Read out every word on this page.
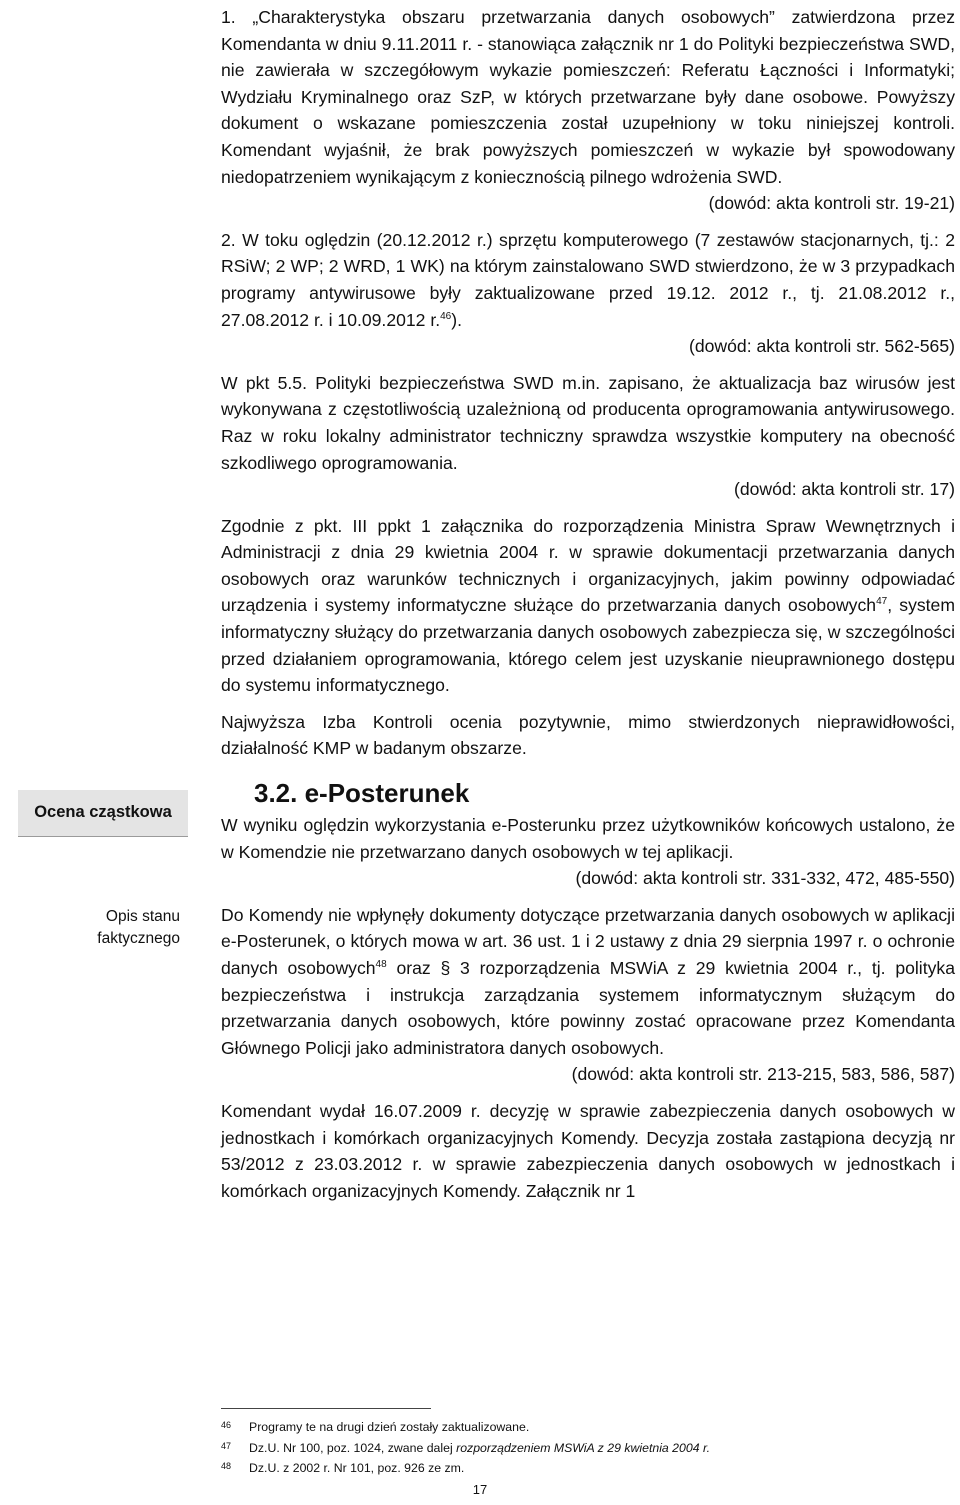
1. „Charakterystyka obszaru przetwarzania danych osobowych” zatwierdzona przez Komendanta w dniu 9.11.2011 r. - stanowiąca załącznik nr 1 do Polityki bezpieczeństwa SWD, nie zawierała w szczegółowym wykazie pomieszczeń: Referatu Łączności i Informatyki; Wydziału Kryminalnego oraz SzP, w których przetwarzane były dane osobowe. Powyższy dokument o wskazane pomieszczenia został uzupełniony w toku niniejszej kontroli. Komendant wyjaśnił, że brak powyższych pomieszczeń w wykazie był spowodowany niedopatrzeniem wynikającym z koniecznością pilnego wdrożenia SWD.

(dowód: akta kontroli str. 19-21)

2. W toku oględzin (20.12.2012 r.) sprzętu komputerowego (7 zestawów stacjonarnych, tj.: 2 RSiW; 2 WP; 2 WRD, 1 WK) na którym zainstalowano SWD stwierdzono, że w 3 przypadkach programy antywirusowe były zaktualizowane przed 19.12. 2012 r., tj. 21.08.2012 r., 27.08.2012 r. i 10.09.2012 r.$^{46}$).

(dowód: akta kontroli str. 562-565)

W pkt 5.5. Polityki bezpieczeństwa SWD m.in. zapisano, że aktualizacja baz wirusów jest wykonywana z częstotliwością uzależnioną od producenta oprogramowania antywirusowego. Raz w roku lokalny administrator techniczny sprawdza wszystkie komputery na obecność szkodliwego oprogramowania.

(dowód: akta kontroli str. 17)

Zgodnie z pkt. III ppkt 1 załącznika do rozporządzenia Ministra Spraw Wewnętrznych i Administracji z dnia 29 kwietnia 2004 r. w sprawie dokumentacji przetwarzania danych osobowych oraz warunków technicznych i organizacyjnych, jakim powinny odpowiadać urządzenia i systemy informatyczne służące do przetwarzania danych osobowych$^{47}$, system informatyczny służący do przetwarzania danych osobowych zabezpiecza się, w szczególności przed działaniem oprogramowania, którego celem jest uzyskanie nieuprawnionego dostępu do systemu informatycznego.

Najwyższa Izba Kontroli ocenia pozytywnie, mimo stwierdzonych nieprawidłowości, działalność KMP w badanym obszarze.

3.2. e-Posterunek

W wyniku oględzin wykorzystania e-Posterunku przez użytkowników końcowych ustalono, że w Komendzie nie przetwarzano danych osobowych w tej aplikacji.

(dowód: akta kontroli str. 331-332, 472, 485-550)

Do Komendy nie wpłynęły dokumenty dotyczące przetwarzania danych osobowych w aplikacji e-Posterunek, o których mowa w art. 36 ust. 1 i 2 ustawy z dnia 29 sierpnia 1997 r. o ochronie danych osobowych$^{48}$ oraz § 3 rozporządzenia MSWiA z 29 kwietnia 2004 r., tj. polityka bezpieczeństwa i instrukcja zarządzania systemem informatycznym służącym do przetwarzania danych osobowych, które powinny zostać opracowane przez Komendanta Głównego Policji jako administratora danych osobowych.

(dowód: akta kontroli str. 213-215, 583, 586, 587)

Komendant wydał 16.07.2009 r. decyzję w sprawie zabezpieczenia danych osobowych w jednostkach i komórkach organizacyjnych Komendy. Decyzja została zastąpiona decyzją nr 53/2012 z 23.03.2012 r. w sprawie zabezpieczenia danych osobowych w jednostkach i komórkach organizacyjnych Komendy. Załącznik nr 1

Ocena cząstkowa
Opis stanu
faktycznego
46 Programy te na drugi dzień zostały zaktualizowane.
47 Dz.U. Nr 100, poz. 1024, zwane dalej rozporządzeniem MSWiA z 29 kwietnia 2004 r.
48 Dz.U. z 2002 r. Nr 101, poz. 926 ze zm.
17
